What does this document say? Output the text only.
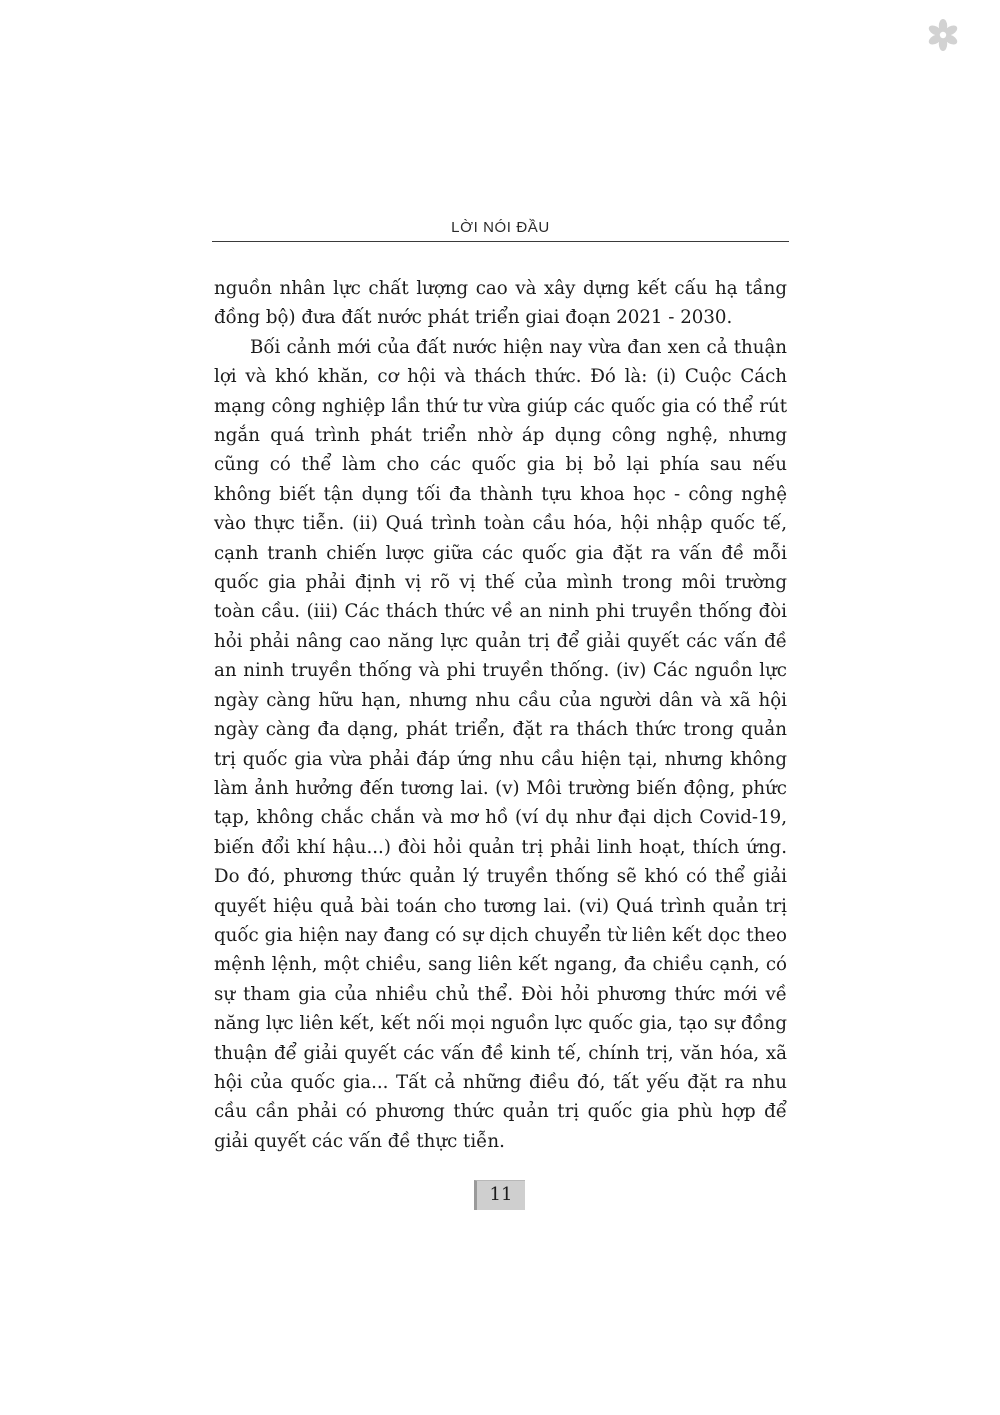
LỜI NÓI ĐẦU

nguồn nhân lực chất lượng cao và xây dựng kết cấu hạ tầng đồng bộ) đưa đất nước phát triển giai đoạn 2021 - 2030.

Bối cảnh mới của đất nước hiện nay vừa đan xen cả thuận lợi và khó khăn, cơ hội và thách thức. Đó là: (i) Cuộc Cách mạng công nghiệp lần thứ tư vừa giúp các quốc gia có thể rút ngắn quá trình phát triển nhờ áp dụng công nghệ, nhưng cũng có thể làm cho các quốc gia bị bỏ lại phía sau nếu không biết tận dụng tối đa thành tựu khoa học - công nghệ vào thực tiễn. (ii) Quá trình toàn cầu hóa, hội nhập quốc tế, cạnh tranh chiến lược giữa các quốc gia đặt ra vấn đề mỗi quốc gia phải định vị rõ vị thế của mình trong môi trường toàn cầu. (iii) Các thách thức về an ninh phi truyền thống đòi hỏi phải nâng cao năng lực quản trị để giải quyết các vấn đề an ninh truyền thống và phi truyền thống. (iv) Các nguồn lực ngày càng hữu hạn, nhưng nhu cầu của người dân và xã hội ngày càng đa dạng, phát triển, đặt ra thách thức trong quản trị quốc gia vừa phải đáp ứng nhu cầu hiện tại, nhưng không làm ảnh hưởng đến tương lai. (v) Môi trường biến động, phức tạp, không chắc chắn và mơ hồ (ví dụ như đại dịch Covid-19, biến đổi khí hậu...) đòi hỏi quản trị phải linh hoạt, thích ứng. Do đó, phương thức quản lý truyền thống sẽ khó có thể giải quyết hiệu quả bài toán cho tương lai. (vi) Quá trình quản trị quốc gia hiện nay đang có sự dịch chuyển từ liên kết dọc theo mệnh lệnh, một chiều, sang liên kết ngang, đa chiều cạnh, có sự tham gia của nhiều chủ thể. Đòi hỏi phương thức mới về năng lực liên kết, kết nối mọi nguồn lực quốc gia, tạo sự đồng thuận để giải quyết các vấn đề kinh tế, chính trị, văn hóa, xã hội của quốc gia... Tất cả những điều đó, tất yếu đặt ra nhu cầu cần phải có phương thức quản trị quốc gia phù hợp để giải quyết các vấn đề thực tiễn.

11
